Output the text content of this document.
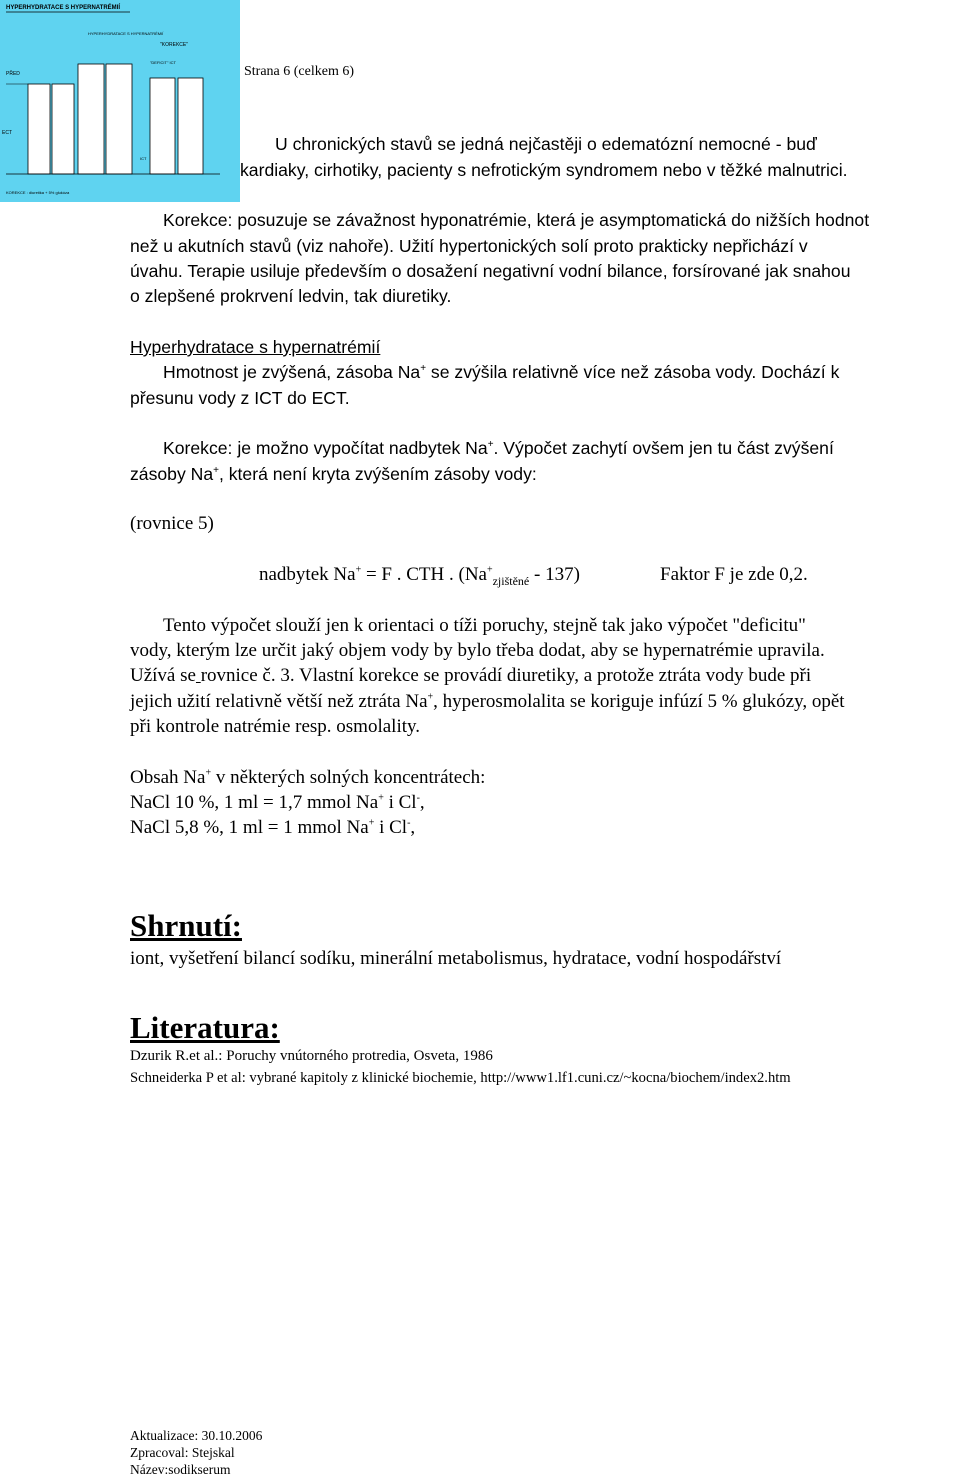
HYPERHYDRATACE S HYPERNATRÉMIÍ
PŘED
HYPERHYDRATACE S HYPERNATRÉMIÍ
"KOREKCE"
"DEFICIT" ICT
ECT
ICT
KOREKCE : diuretika + 5% glukóza
Strana 6 (celkem 6)
U chronických stavů se jedná nejčastěji o edematózní nemocné - buď
kardiaky, cirhotiky, pacienty s nefrotickým syndromem nebo v těžké malnutrici.
Korekce: posuzuje se závažnost hyponatrémie, která je asymptomatická do nižších hodnot
než u akutních stavů (viz nahoře). Užití hypertonických solí proto prakticky nepřichází v
úvahu. Terapie usiluje především o dosažení negativní vodní bilance, forsírované jak snahou
o zlepšené prokrvení ledvin, tak diuretiky.
Hyperhydratace s hypernatrémií
Hmotnost je zvýšená, zásoba Na+ se zvýšila relativně více než zásoba vody. Dochází k
přesunu vody z ICT do ECT.
Korekce: je možno vypočítat nadbytek Na+. Výpočet zachytí ovšem jen tu část zvýšení
zásoby Na+, která není kryta zvýšením zásoby vody:
(rovnice 5)
nadbytek Na+ = F . CTH . $(Na^+_{zjištěné} - 137)$	Faktor F je zde 0,2.
Tento výpočet slouží jen k orientaci o tíži poruchy, stejně tak jako výpočet "deficitu"
vody, kterým lze určit jaký objem vody by bylo třeba dodat, aby se hypernatrémie upravila.
Užívá se rovnice č. 3. Vlastní korekce se provádí diuretiky, a protože ztráta vody bude při
jejich užití relativně větší než ztráta Na+, hyperosmolalita se koriguje infúzí 5 % glukózy, opět
při kontrole natrémie resp. osmolality.
Obsah Na+ v některých solných koncentrátech:
NaCl 10 %, 1 ml = 1,7 mmol Na+ i Cl-,
NaCl 5,8 %, 1 ml = 1 mmol Na+ i Cl-,
Shrnutí:
iont, vyšetření bilancí sodíku, minerální metabolismus, hydratace, vodní hospodářství
Literatura:
Dzurik R.et al.: Poruchy vnútorného protredia, Osveta, 1986
Schneiderka P et al: vybrané kapitoly z klinické biochemie, http://www1.lf1.cuni.cz/~kocna/biochem/index2.htm
Aktualizace: 30.10.2006
Zpracoval: Stejskal
Název:sodikserum
